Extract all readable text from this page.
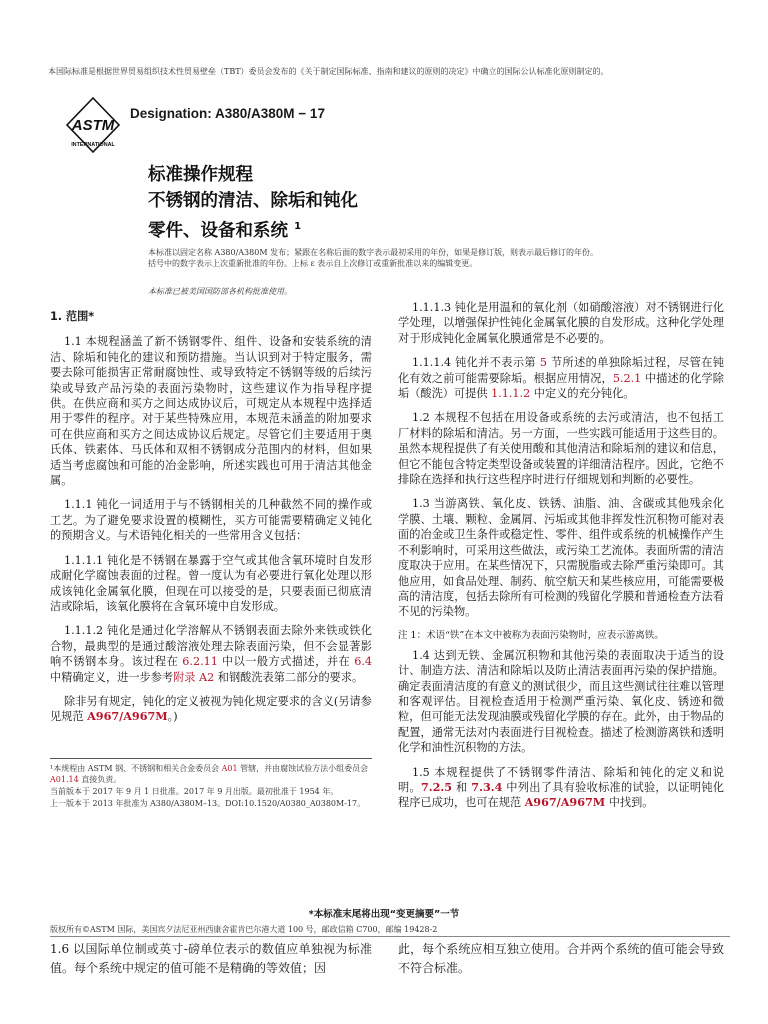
本国际标准是根据世界贸易组织技术性贸易壁垒（TBT）委员会发布的《关于制定国际标准、指南和建议的原则的决定》中确立的国际公认标准化原则制定的。
ASTM
INTERNATIONAL
Designation: A380/A380M − 17
标准操作规程
不锈钢的清洁、除垢和钝化
零件、设备和系统 $^1$
本标准以固定名称 A380/A380M 发布；紧跟在名称后面的数字表示最初采用的年份，如果是修订版，则表示最后修订的年份。
括号中的数字表示上次重新批准的年份。上标 ε 表示自上次修订或重新批准以来的编辑变更。
本标准已被美国国防部各机构批准使用。
1. 范围*

1.1 本规程涵盖了新不锈钢零件、组件、设备和安装系统的清洁、除垢和钝化的建议和预防措施。当认识到对于特定服务，需要去除可能损害正常耐腐蚀性、或导致特定不锈钢等级的后续污染或导致产品污染的表面污染物时，这些建议作为指导程序提供。在供应商和买方之间达成协议后，可规定从本规程中选择适用于零件的程序。对于某些特殊应用，本规范未涵盖的附加要求可在供应商和买方之间达成协议后规定。尽管它们主要适用于奥氏体、铁素体、马氏体和双相不锈钢成分范围内的材料，但如果适当考虑腐蚀和可能的冶金影响，所述实践也可用于清洁其他金属。

1.1.1 钝化一词适用于与不锈钢相关的几种截然不同的操作或工艺。为了避免要求设置的模糊性，买方可能需要精确定义钝化的预期含义。与术语钝化相关的一些常用含义包括：

1.1.1.1 钝化是不锈钢在暴露于空气或其他含氧环境时自发形成耐化学腐蚀表面的过程。曾一度认为有必要进行氧化处理以形成该钝化金属氧化膜，但现在可以接受的是，只要表面已彻底清洁或除垢，该氧化膜将在含氧环境中自发形成。

1.1.1.2 钝化是通过化学溶解从不锈钢表面去除外来铁或铁化合物，最典型的是通过酸溶液处理去除表面污染，但不会显著影响不锈钢本身。该过程在 6.2.11 中以一般方式描述，并在 6.4 中精确定义，进一步参考附录 A2 和钢酸洗表第二部分的要求。

除非另有规定，钝化的定义被视为钝化规定要求的含义(另请参见规范 A967/A967M。)

¹本规程由 ASTM 钢、不锈钢和相关合金委员会 A01 管辖，并由腐蚀试验方法小组委员会 A01.14 直接负责。
当前版本于 2017 年 9 月 1 日批准。2017 年 9 月出版。最初批准于 1954 年。
上一版本于 2013 年批准为 A380/A380M–13。DOI:10.1520/A0380_A0380M-17。

1.1.1.3 钝化是用温和的氧化剂（如硝酸溶液）对不锈钢进行化学处理，以增强保护性钝化金属氧化膜的自发形成。这种化学处理对于形成钝化金属氧化膜通常是不必要的。

1.1.1.4 钝化并不表示第 5 节所述的单独除垢过程，尽管在钝化有效之前可能需要除垢。根据应用情况，5.2.1 中描述的化学除垢（酸洗）可提供 1.1.1.2 中定义的充分钝化。

1.2 本规程不包括在用设备或系统的去污或清洁，也不包括工厂材料的除垢和清洁。另一方面，一些实践可能适用于这些目的。虽然本规程提供了有关使用酸和其他清洁和除垢剂的建议和信息，但它不能包含特定类型设备或装置的详细清洁程序。因此，它绝不排除在选择和执行这些程序时进行仔细规划和判断的必要性。

1.3 当游离铁、氧化皮、铁锈、油脂、油、含碳或其他残余化学膜、土壤、颗粒、金属屑、污垢或其他非挥发性沉积物可能对表面的冶金或卫生条件或稳定性、零件、组件或系统的机械操作产生不利影响时，可采用这些做法，或污染工艺流体。表面所需的清洁度取决于应用。在某些情况下，只需脱脂或去除严重污染即可。其他应用，如食品处理、制药、航空航天和某些核应用，可能需要极高的清洁度，包括去除所有可检测的残留化学膜和普通检查方法看不见的污染物。

注 1：术语“铁”在本文中被称为表面污染物时，应表示游离铁。

1.4 达到无铁、金属沉积物和其他污染的表面取决于适当的设计、制造方法、清洁和除垢以及防止清洁表面再污染的保护措施。确定表面清洁度的有意义的测试很少，而且这些测试往往难以管理和客观评估。目视检查适用于检测严重污染、氧化皮、锈迹和微粒，但可能无法发现油膜或残留化学膜的存在。此外，由于物品的配置，通常无法对内表面进行目视检查。描述了检测游离铁和透明化学和油性沉积物的方法。

1.5 本规程提供了不锈钢零件清洁、除垢和钝化的定义和说明。7.2.5 和 7.3.4 中列出了具有验收标准的试验，以证明钝化程序已成功，也可在规范 A967/A967M 中找到。

*本标准末尾将出现“变更摘要”一节
版权所有©ASTM 国际，美国宾夕法尼亚州西康舍霍肯巴尔港大道 100 号，邮政信箱 C700，邮编 19428-2

1.6 以国际单位制或英寸-磅单位表示的数值应单独视为标准值。每个系统中规定的值可能不是精确的等效值；因

此，每个系统应相互独立使用。合并两个系统的值可能会导致不符合标准。
